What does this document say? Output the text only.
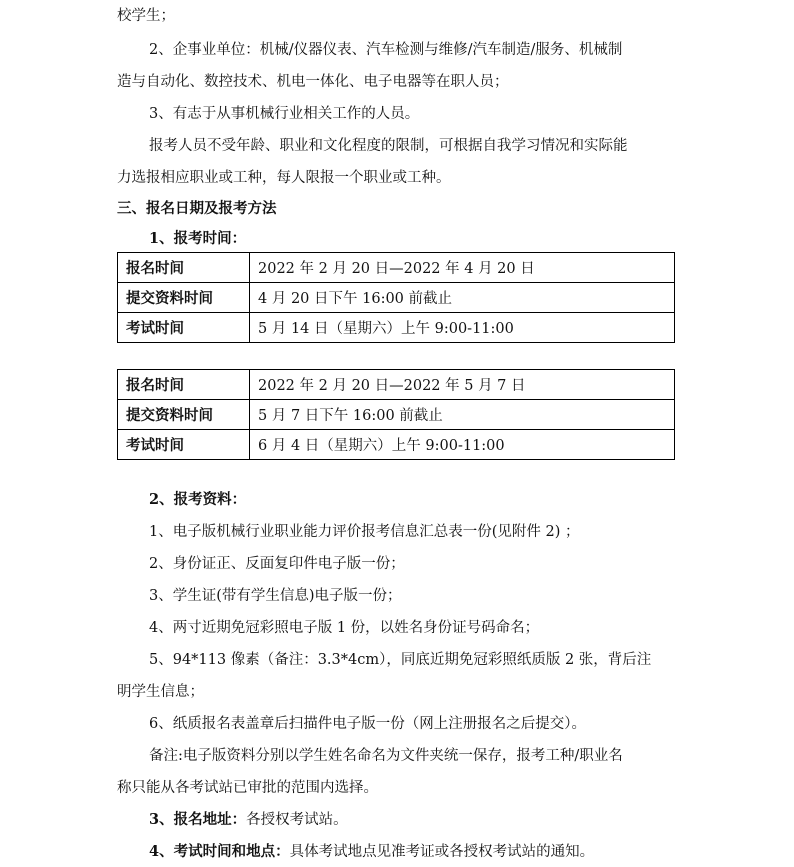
校学生；
2、企事业单位：机械/仪器仪表、汽车检测与维修/汽车制造/服务、机械制
造与自动化、数控技术、机电一体化、电子电器等在职人员；
3、有志于从事机械行业相关工作的人员。
报考人员不受年龄、职业和文化程度的限制，可根据自我学习情况和实际能
力选报相应职业或工种，每人限报一个职业或工种。
三、报名日期及报考方法
1、报考时间：
报名时间	2022 年 2 月 20 日—2022 年 4 月 20 日
提交资料时间	4 月 20 日下午 16:00 前截止
考试时间	5 月 14 日（星期六）上午 9:00-11:00
报名时间	2022 年 2 月 20 日—2022 年 5 月 7 日
提交资料时间	5 月 7 日下午 16:00 前截止
考试时间	6 月 4 日（星期六）上午 9:00-11:00
2、报考资料：
1、电子版机械行业职业能力评价报考信息汇总表一份(见附件 2) ；
2、身份证正、反面复印件电子版一份；
3、学生证(带有学生信息)电子版一份；
4、两寸近期免冠彩照电子版 1 份，以姓名身份证号码命名；
5、94*113 像素（备注：3.3*4cm），同底近期免冠彩照纸质版 2 张，背后注
明学生信息；
6、纸质报名表盖章后扫描件电子版一份（网上注册报名之后提交）。
备注:电子版资料分别以学生姓名命名为文件夹统一保存，报考工种/职业名
称只能从各考试站已审批的范围内选择。
3、报名地址：各授权考试站。
4、考试时间和地点：具体考试地点见准考证或各授权考试站的通知。
